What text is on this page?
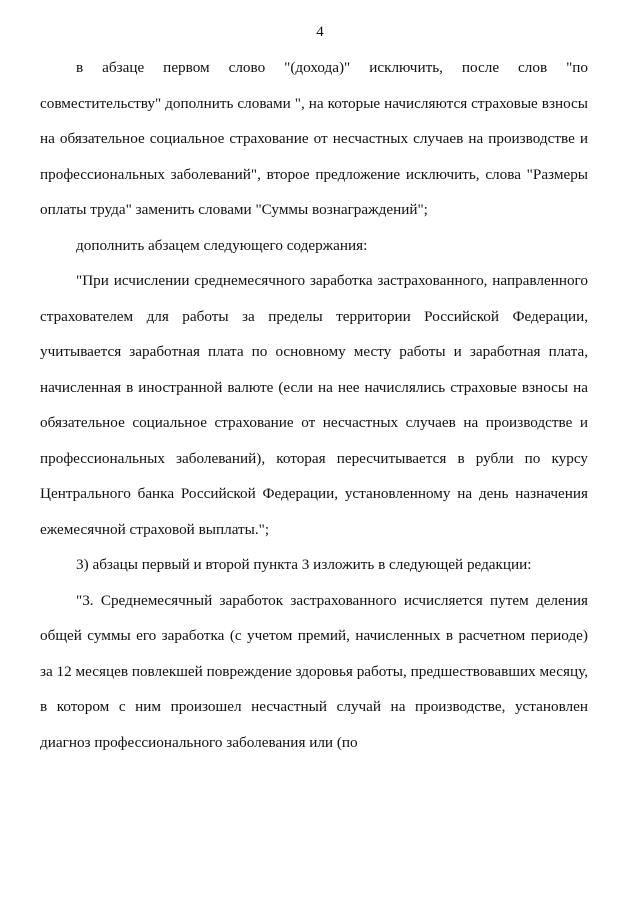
4

в абзаце первом слово "(дохода)" исключить, после слов "по совместительству" дополнить словами ", на которые начисляются страховые взносы на обязательное социальное страхование от несчастных случаев на производстве и профессиональных заболеваний", второе предложение исключить, слова "Размеры оплаты труда" заменить словами "Суммы вознаграждений";

дополнить абзацем следующего содержания:

"При исчислении среднемесячного заработка застрахованного, направленного страхователем для работы за пределы территории Российской Федерации, учитывается заработная плата по основному месту работы и заработная плата, начисленная в иностранной валюте (если на нее начислялись страховые взносы на обязательное социальное страхование от несчастных случаев на производстве и профессиональных заболеваний), которая пересчитывается в рубли по курсу Центрального банка Российской Федерации, установленному на день назначения ежемесячной страховой выплаты.";

3) абзацы первый и второй пункта 3 изложить в следующей редакции:

"3. Среднемесячный заработок застрахованного исчисляется путем деления общей суммы его заработка (с учетом премий, начисленных в расчетном периоде) за 12 месяцев повлекшей повреждение здоровья работы, предшествовавших месяцу, в котором с ним произошел несчастный случай на производстве, установлен диагноз профессионального заболевания или (по
